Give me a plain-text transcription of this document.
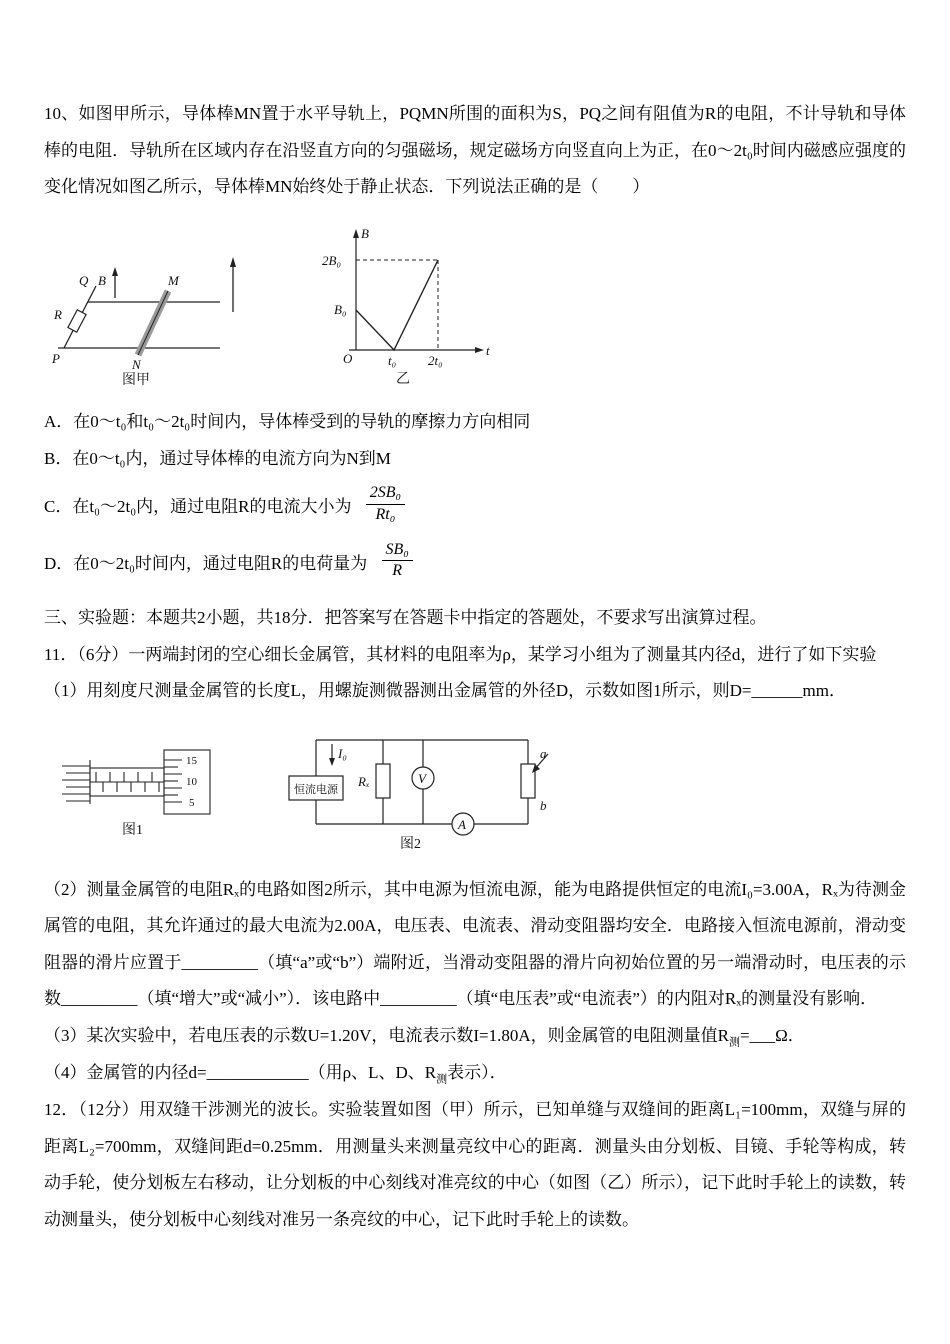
10、如图甲所示，导体棒MN置于水平导轨上，PQMN所围的面积为S，PQ之间有阻值为R的电阻，不计导轨和导体棒的电阻．导轨所在区域内存在沿竖直方向的匀强磁场，规定磁场方向竖直向上为正，在0～2t₀时间内磁感应强度的变化情况如图乙所示，导体棒MN始终处于静止状态．下列说法正确的是（　　）

Q B	M
R
P	N
图甲
B
2B₀
B₀
O	t₀ 2t₀
t
乙

A．在0～t₀和t₀～2t₀时间内，导体棒受到的导轨的摩擦力方向相同

B．在0～t₀内，通过导体棒的电流方向为N到M

C．在t₀～2t₀内，通过电阻R的电流大小为 $\frac{\text{2SB₀}}{\text{Rt₀}}$

D．在0～2t₀时间内，通过电阻R的电荷量为 $\frac{\text{SB₀}}{R}$

三、实验题：本题共2小题，共18分．把答案写在答题卡中指定的答题处，不要求写出演算过程。

11．（6分）一两端封闭的空心细长金属管，其材料的电阻率为ρ，某学习小组为了测量其内径d，进行了如下实验

（1）用刻度尺测量金属管的长度L，用螺旋测微器测出金属管的外径D，示数如图1所示，则D=______mm．

15
10
5
图1
I₀
恒流电源
Rₓ	V
a
b
A
图2

（2）测量金属管的电阻Rₓ的电路如图2所示，其中电源为恒流电源，能为电路提供恒定的电流I₀=3.00A，Rₓ为待测金属管的电阻，其允许通过的最大电流为2.00A，电压表、电流表、滑动变阻器均安全．电路接入恒流电源前，滑动变阻器的滑片应置于_________（填“a”或“b”）端附近，当滑动变阻器的滑片向初始位置的另一端滑动时，电压表的示数_________（填“增大”或“减小”）．该电路中_________（填“电压表”或“电流表”）的内阻对Rₓ的测量没有影响．

（3）某次实验中，若电压表的示数U=1.20V，电流表示数I=1.80A，则金属管的电阻测量值$R_测=\_\_\_\Omega$．

（4）金属管的内径d=____________（用ρ、L、D、$R_测$表示）．

12．（12分）用双缝干涉测光的波长。实验装置如图（甲）所示，已知单缝与双缝间的距离L₁=100mm，双缝与屏的距离L₂=700mm，双缝间距d=0.25mm．用测量头来测量亮纹中心的距离．测量头由分划板、目镜、手轮等构成，转动手轮，使分划板左右移动，让分划板的中心刻线对准亮纹的中心（如图（乙）所示），记下此时手轮上的读数，转动测量头，使分划板中心刻线对准另一条亮纹的中心，记下此时手轮上的读数。
